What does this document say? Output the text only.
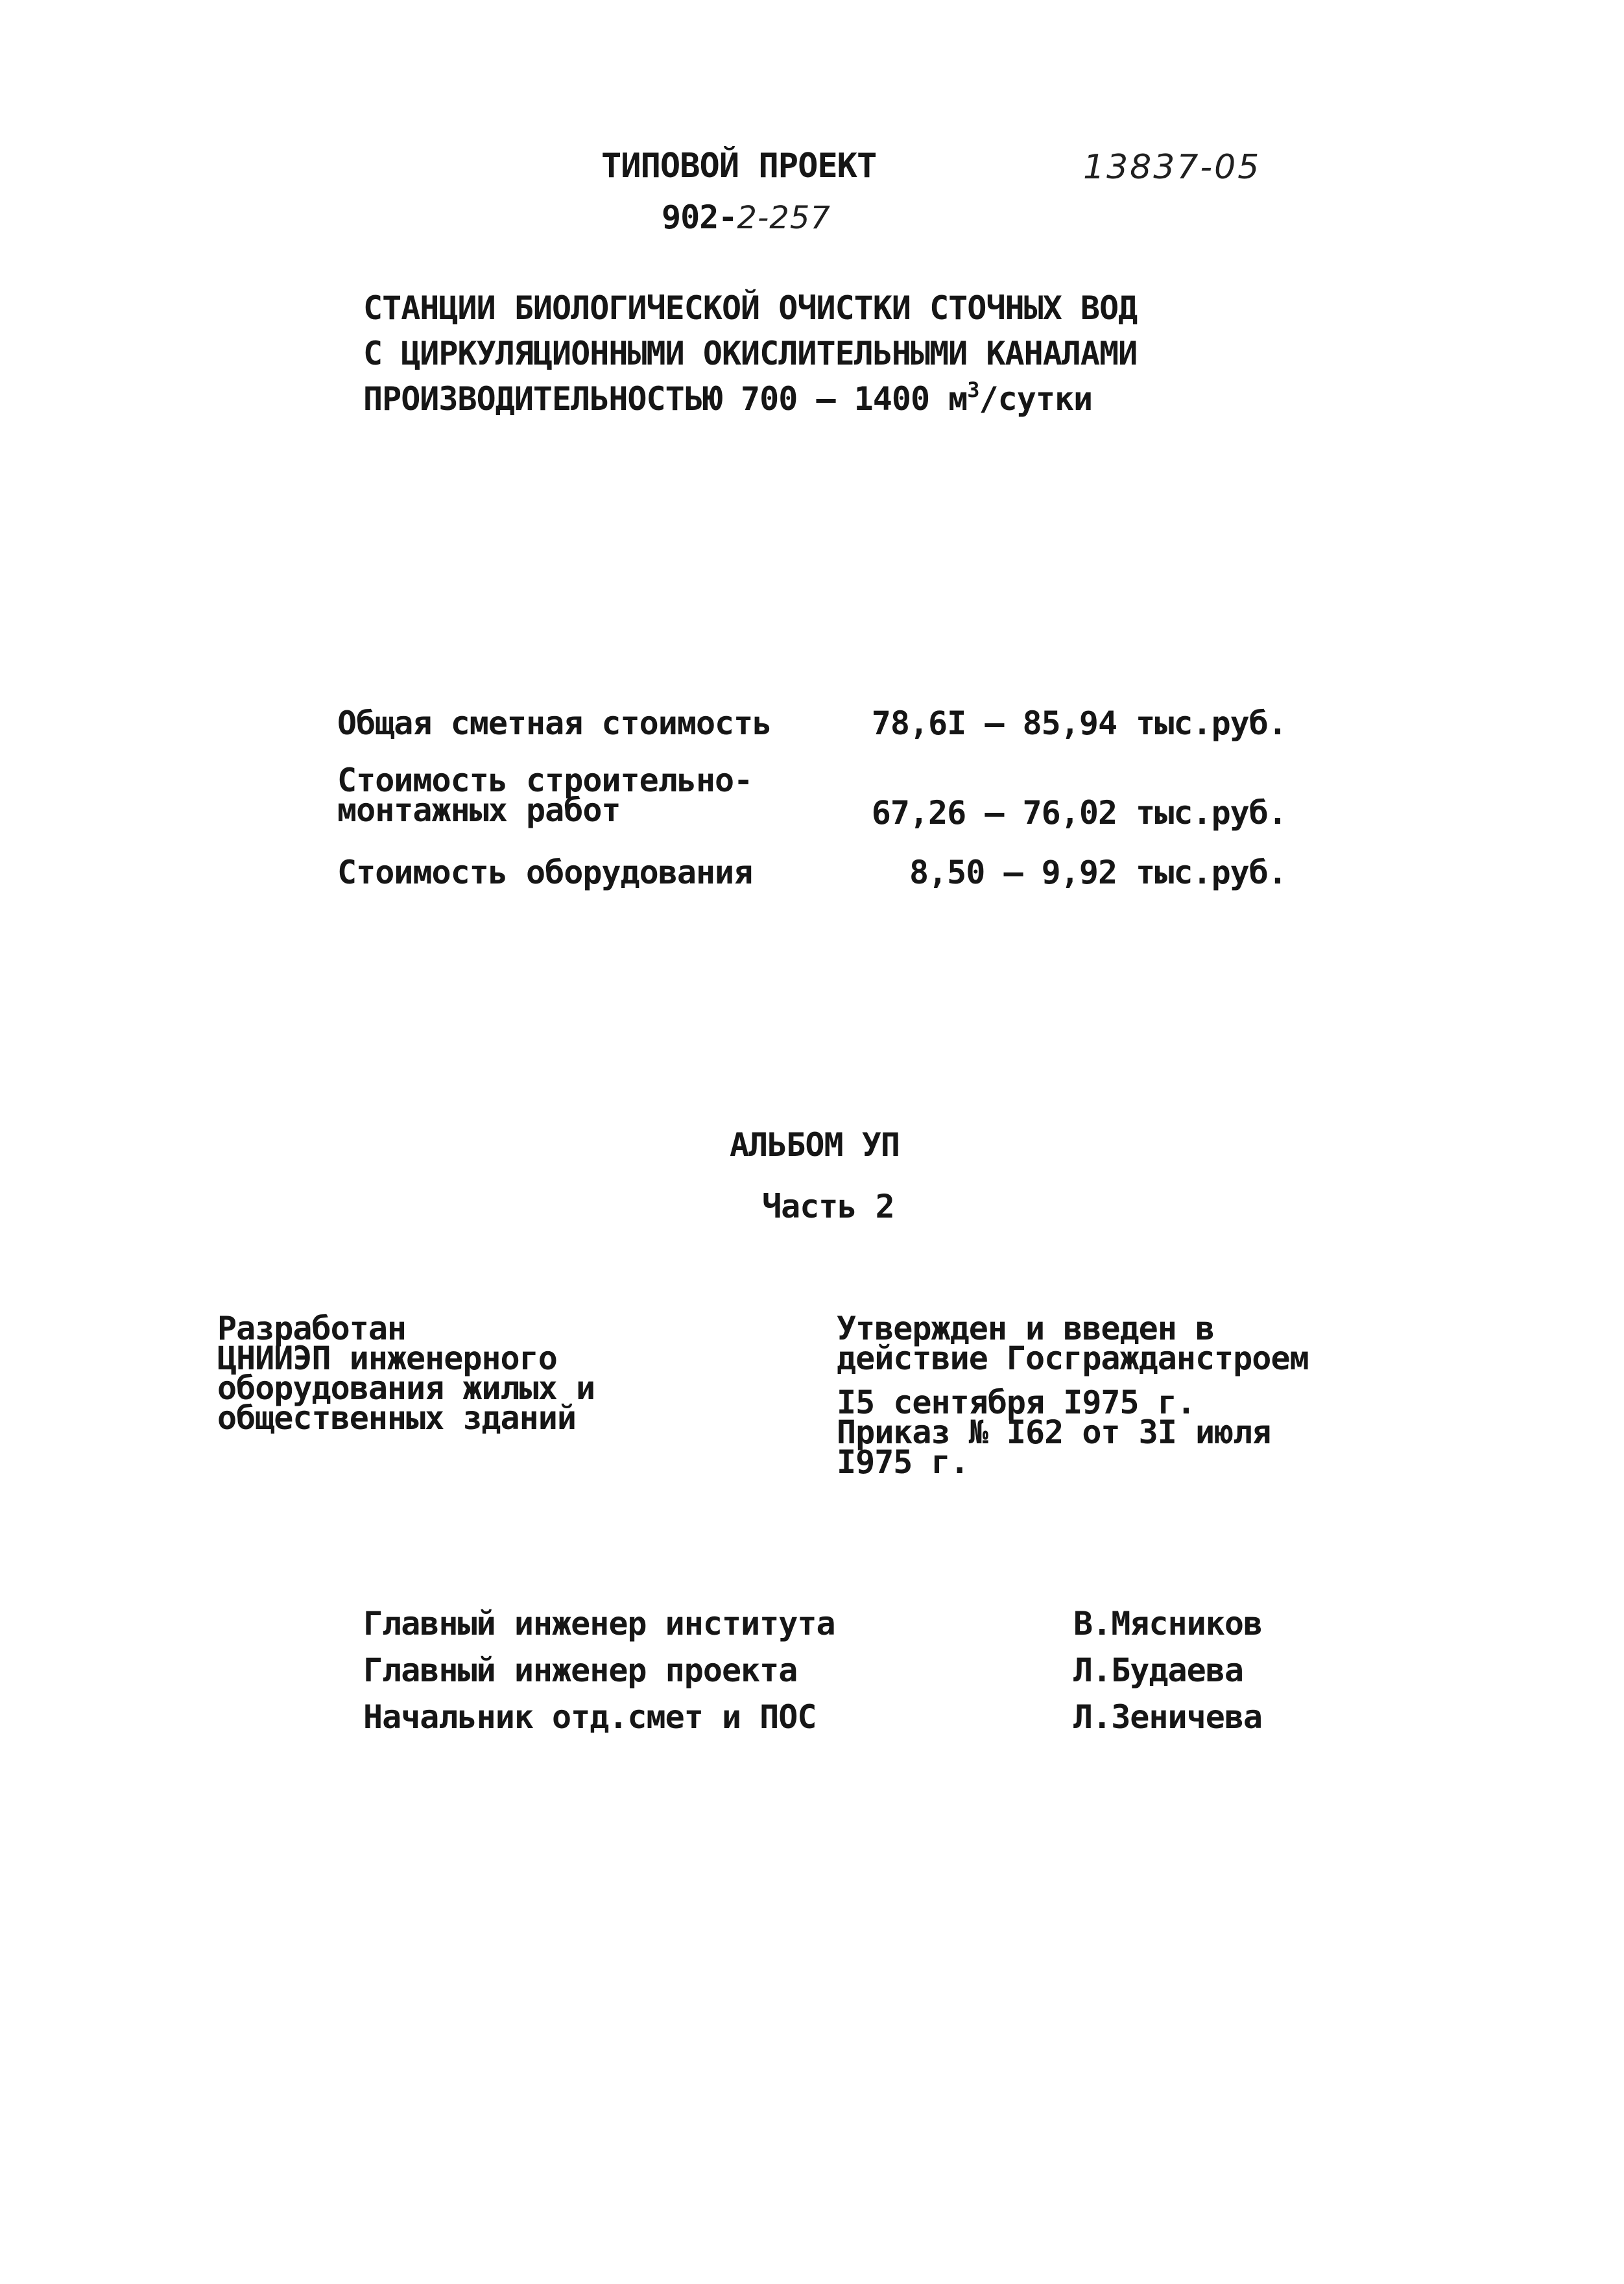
ТИПОВОЙ ПРОЕКТ	13837-05
902-2-257
СТАНЦИИ БИОЛОГИЧЕСКОЙ ОЧИСТКИ СТОЧНЫХ ВОД
С ЦИРКУЛЯЦИОННЫМИ ОКИСЛИТЕЛЬНЫМИ КАНАЛАМИ
ПРОИЗВОДИТЕЛЬНОСТЬЮ 700 – 1400 $м^3$/сутки
Общая сметная стоимость	78,6I – 85,94 тыс.руб.
Стоимость строительно-
монтажных работ	67,26 – 76,02 тыс.руб.
Стоимость оборудования	8,50 – 9,92 тыс.руб.
АЛЬБОМ УП
Часть 2
Разработан
ЦНИИЭП инженерного
оборудования жилых и
общественных зданий
Утвержден и введен в
действие Госгражданстроем
I5 сентября I975 г.
Приказ № I62 от 3I июля
I975 г.
Главный инженер института	В.Мясников
Главный инженер проекта	Л.Будаева
Начальник отд.смет и ПОС	Л.Зеничева
